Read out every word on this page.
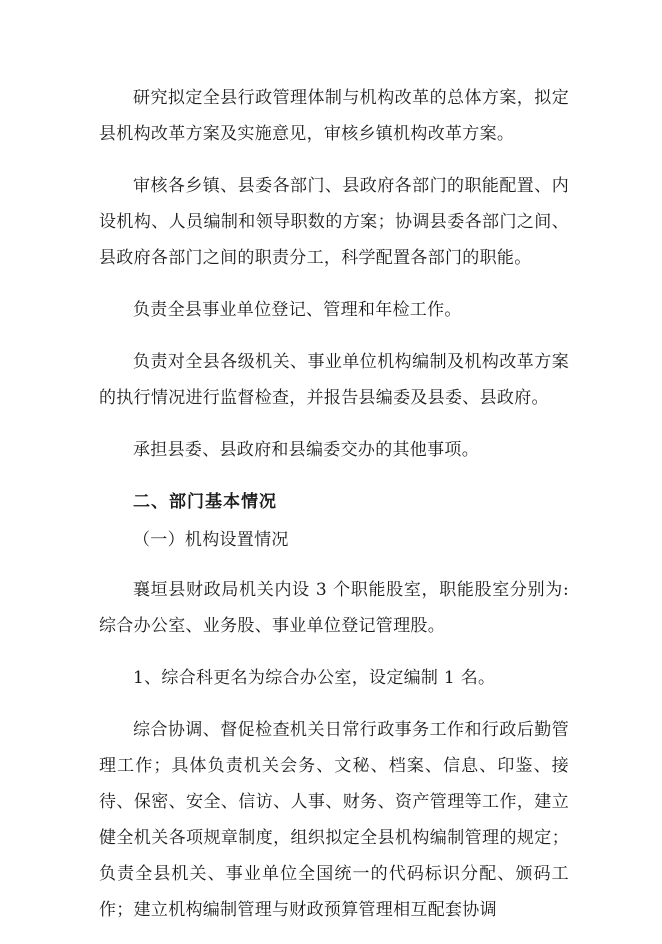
研究拟定全县行政管理体制与机构改革的总体方案，拟定县机构改革方案及实施意见，审核乡镇机构改革方案。

审核各乡镇、县委各部门、县政府各部门的职能配置、内设机构、人员编制和领导职数的方案；协调县委各部门之间、县政府各部门之间的职责分工，科学配置各部门的职能。

负责全县事业单位登记、管理和年检工作。

负责对全县各级机关、事业单位机构编制及机构改革方案的执行情况进行监督检查，并报告县编委及县委、县政府。

承担县委、县政府和县编委交办的其他事项。

二、部门基本情况

（一）机构设置情况

襄垣县财政局机关内设 3 个职能股室，职能股室分别为:综合办公室、业务股、事业单位登记管理股。

1、综合科更名为综合办公室，设定编制 1 名。

综合协调、督促检查机关日常行政事务工作和行政后勤管理工作；具体负责机关会务、文秘、档案、信息、印鉴、接待、保密、安全、信访、人事、财务、资产管理等工作，建立健全机关各项规章制度，组织拟定全县机构编制管理的规定；负责全县机关、事业单位全国统一的代码标识分配、颁码工作；建立机构编制管理与财政预算管理相互配套协调
